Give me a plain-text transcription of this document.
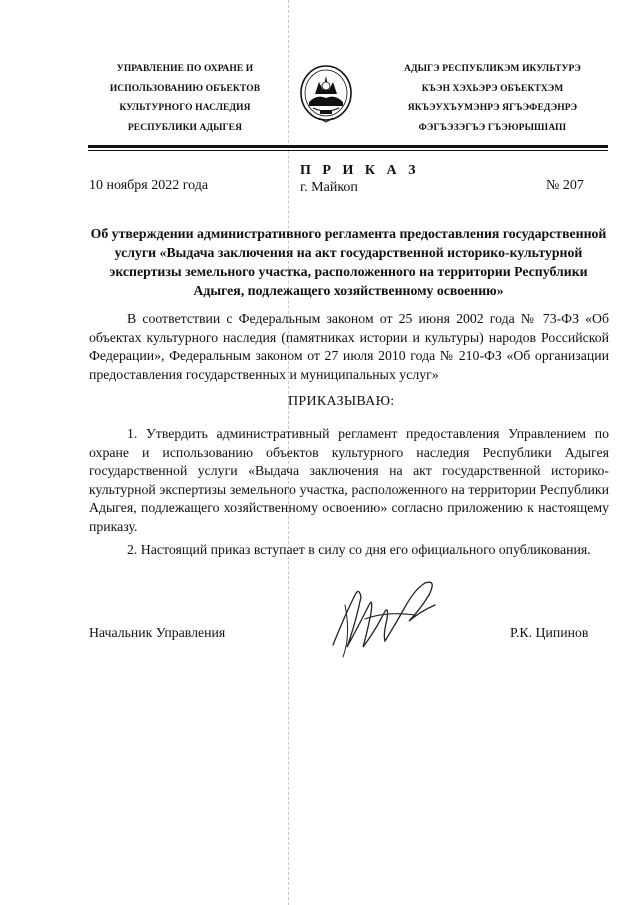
УПРАВЛЕНИЕ ПО ОХРАНЕ И
ИСПОЛЬЗОВАНИЮ ОБЪЕКТОВ
КУЛЬТУРНОГО НАСЛЕДИЯ
РЕСПУБЛИКИ АДЫГЕЯ
АДЫГЭ РЕСПУБЛИКЭМ ИКУЛЬТУРЭ
КЪЭН ХЭХЬЭРЭ ОБЪЕКТХЭМ
ЯКЪЭУХЪУМЭНРЭ ЯГЪЭФЕДЭНРЭ
ФЭГЪЭЗЭГЪЭ ГЪЭЮРЫШІАПІ
П Р И К А З
10 ноября 2022 года	г. Майкоп	№ 207
Об утверждении административного регламента предоставления государственной услуги «Выдача заключения на акт государственной историко-культурной экспертизы земельного участка, расположенного на территории Республики Адыгея, подлежащего хозяйственному освоению»
В соответствии с Федеральным законом от 25 июня 2002 года № 73-ФЗ «Об объектах культурного наследия (памятниках истории и культуры) народов Российской Федерации», Федеральным законом от 27 июля 2010 года № 210-ФЗ «Об организации предоставления государственных и муниципальных услуг»
ПРИКАЗЫВАЮ:
1. Утвердить административный регламент предоставления Управлением по охране и использованию объектов культурного наследия Республики Адыгея государственной услуги «Выдача заключения на акт государственной историко-культурной экспертизы земельного участка, расположенного на территории Республики Адыгея, подлежащего хозяйственному освоению» согласно приложению к настоящему приказу.
2. Настоящий приказ вступает в силу со дня его официального опубликования.
Начальник Управления	Р.К. Ципинов
